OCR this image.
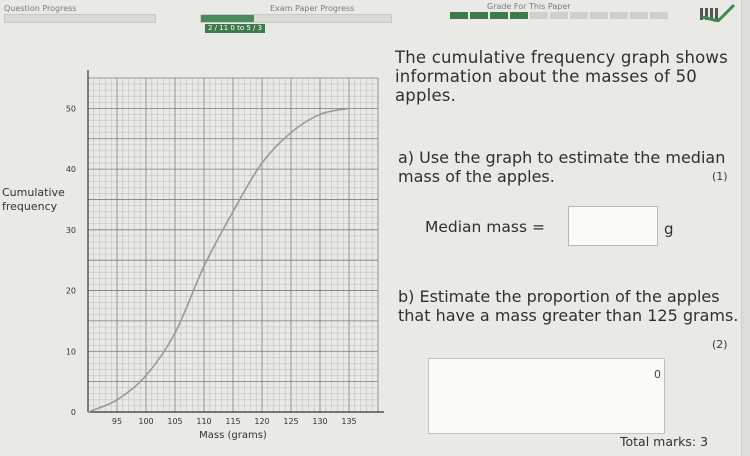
Question Progress	Exam Paper Progress
2 / 11 0 to 5 / 3
Grade For This Paper
0
10
20
30
40
50
95 100 105 110 115 120 125 130 135
Cumulative
frequency
Mass (grams)
The cumulative frequency graph shows information about the masses of 50 apples.
a) Use the graph to estimate the median mass of the apples.	(1)
Median mass =	g
b) Estimate the proportion of the apples that have a mass greater than 125 grams.
(2)
0
Total marks: 3
